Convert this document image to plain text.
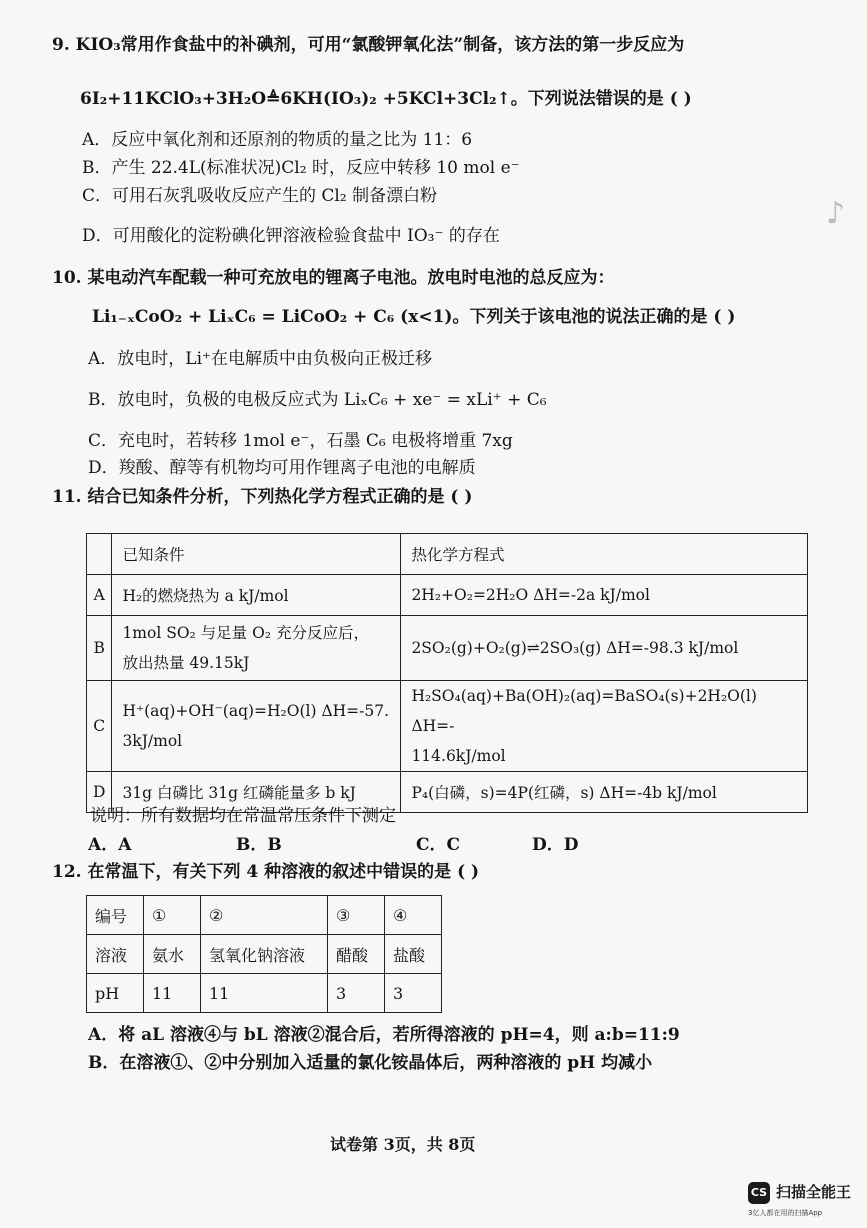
9. KIO₃常用作食盐中的补碘剂，可用“氯酸钾氧化法”制备，该方法的第一步反应为
6I₂+11KClO₃+3H₂O≜6KH(IO₃)₂ +5KCl+3Cl₂↑。下列说法错误的是 ( )
A．反应中氧化剂和还原剂的物质的量之比为 11：6
B．产生 22.4L(标准状况)Cl₂ 时，反应中转移 10 mol e⁻
C．可用石灰乳吸收反应产生的 Cl₂ 制备漂白粉
D．可用酸化的淀粉碘化钾溶液检验食盐中 IO₃⁻ 的存在
♪
10. 某电动汽车配载一种可充放电的锂离子电池。放电时电池的总反应为：
Li₁₋ₓCoO₂ + LiₓC₆ = LiCoO₂ + C₆ (x<1)。下列关于该电池的说法正确的是 ( )
A．放电时，Li⁺在电解质中由负极向正极迁移
B．放电时，负极的电极反应式为 LiₓC₆ + xe⁻ = xLi⁺ + C₆
C．充电时，若转移 1mol e⁻，石墨 C₆ 电极将增重 7xg
D．羧酸、醇等有机物均可用作锂离子电池的电解质
11. 结合已知条件分析，下列热化学方程式正确的是 ( )
	已知条件	热化学方程式
A	H₂的燃烧热为 a kJ/mol	2H₂+O₂=2H₂O ΔH=-2a kJ/mol
B	1mol SO₂ 与足量 O₂ 充分反应后，
放出热量 49.15kJ	2SO₂(g)+O₂(g)⇌2SO₃(g) ΔH=-98.3 kJ/mol
C	H⁺(aq)+OH⁻(aq)=H₂O(l) ΔH=-57.
3kJ/mol	H₂SO₄(aq)+Ba(OH)₂(aq)=BaSO₄(s)+2H₂O(l) ΔH=-
114.6kJ/mol
D	31g 白磷比 31g 红磷能量多 b kJ	P₄(白磷，s)=4P(红磷，s) ΔH=-4b kJ/mol
说明：所有数据均在常温常压条件下测定
A．A	B．B	C．C	D．D
12. 在常温下，有关下列 4 种溶液的叙述中错误的是 ( )
编号	①	②	③	④
溶液	氨水	氢氧化钠溶液	醋酸	盐酸
pH	11	11	3	3
A．将 aL 溶液④与 bL 溶液②混合后，若所得溶液的 pH=4，则 a:b=11:9
B．在溶液①、②中分别加入适量的氯化铵晶体后，两种溶液的 pH 均减小
试卷第 3页，共 8页
CS 扫描全能王
3亿人都在用的扫描App
